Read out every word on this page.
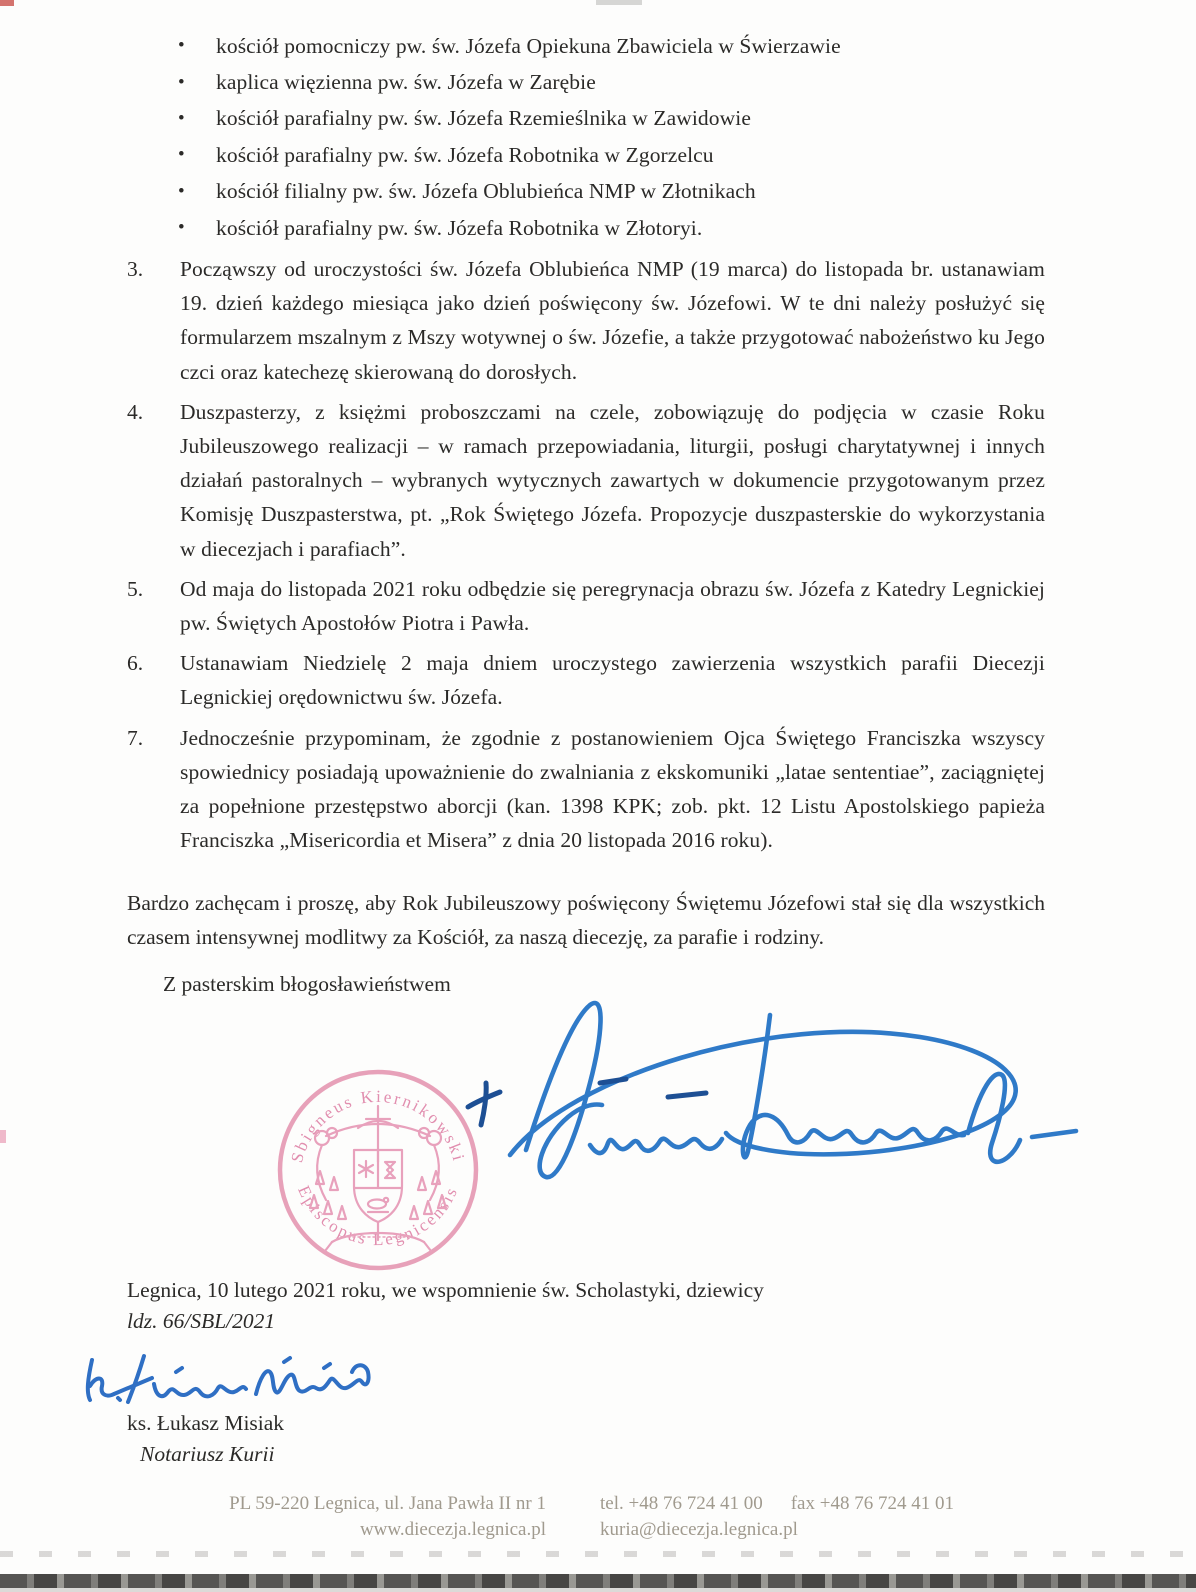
•	kościół pomocniczy pw. św. Józefa Opiekuna Zbawiciela w Świerzawie
•	kaplica więzienna pw. św. Józefa w Zarębie
•	kościół parafialny pw. św. Józefa Rzemieślnika w Zawidowie
•	kościół parafialny pw. św. Józefa Robotnika w Zgorzelcu
•	kościół filialny pw. św. Józefa Oblubieńca NMP w Złotnikach
•	kościół parafialny pw. św. Józefa Robotnika w Złotoryi.
3.	Począwszy od uroczystości św. Józefa Oblubieńca NMP (19 marca) do listopada br. ustanawiam 19. dzień każdego miesiąca jako dzień poświęcony św. Józefowi. W te dni należy posłużyć się formularzem mszalnym z Mszy wotywnej o św. Józefie, a także przygotować nabożeństwo ku Jego czci oraz katechezę skierowaną do dorosłych.
4.	Duszpasterzy, z księżmi proboszczami na czele, zobowiązuję do podjęcia w czasie Roku Jubileuszowego realizacji – w ramach przepowiadania, liturgii, posługi charytatywnej i innych działań pastoralnych – wybranych wytycznych zawartych w dokumencie przygotowanym przez Komisję Duszpasterstwa, pt. „Rok Świętego Józefa. Propozycje duszpasterskie do wykorzystania w diecezjach i parafiach”.
5.	Od maja do listopada 2021 roku odbędzie się peregrynacja obrazu św. Józefa z Katedry Legnickiej pw. Świętych Apostołów Piotra i Pawła.
6.	Ustanawiam Niedzielę 2 maja dniem uroczystego zawierzenia wszystkich parafii Diecezji Legnickiej orędownictwu św. Józefa.
7.	Jednocześnie przypominam, że zgodnie z postanowieniem Ojca Świętego Franciszka wszyscy spowiednicy posiadają upoważnienie do zwalniania z ekskomuniki „latae sententiae”, zaciągniętej za popełnione przestępstwo aborcji (kan. 1398 KPK; zob. pkt. 12 Listu Apostolskiego papieża Franciszka „Misericordia et Misera” z dnia 20 listopada 2016 roku).
Bardzo zachęcam i proszę, aby Rok Jubileuszowy poświęcony Świętemu Józefowi stał się dla wszystkich czasem intensywnej modlitwy za Kościół, za naszą diecezję, za parafie i rodziny.
Z pasterskim błogosławieństwem
Sbigneus Kiernikowski
Episcopus Legnicensis
Legnica, 10 lutego 2021 roku, we wspomnienie św. Scholastyki, dziewicy
ldz. 66/SBL/2021
ks. Łukasz Misiak
Notariusz Kurii
PL 59-220 Legnica, ul. Jana Pawła II nr 1
www.diecezja.legnica.pl
tel. +48 76 724 41 00 fax +48 76 724 41 01
kuria@diecezja.legnica.pl
